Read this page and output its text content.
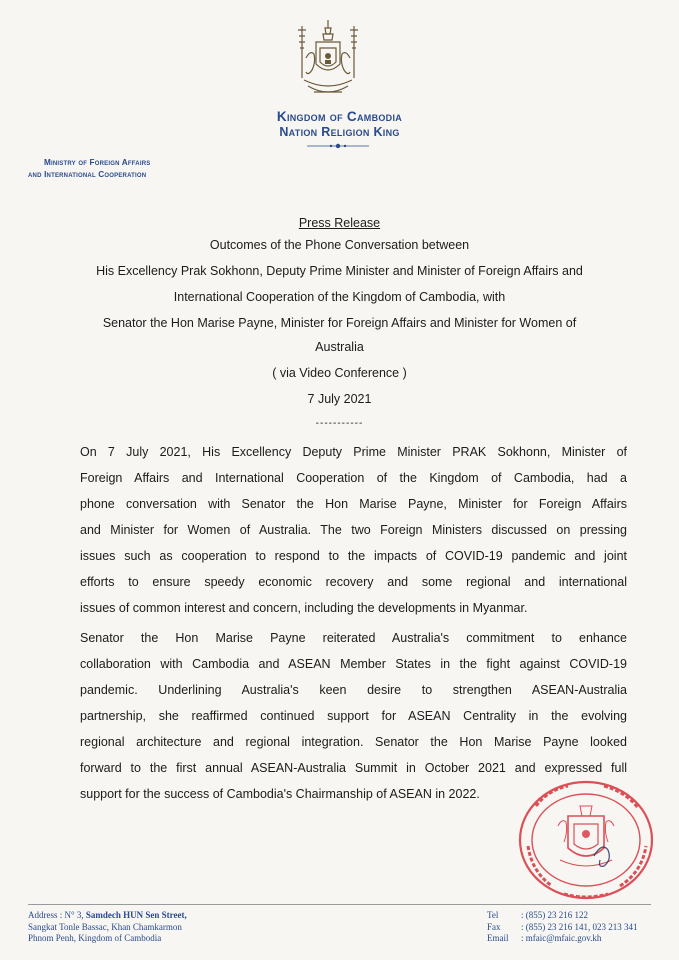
Kingdom of Cambodia
Nation Religion King
Ministry of Foreign Affairs
and International Cooperation
Press Release
Outcomes of the Phone Conversation between
His Excellency Prak Sokhonn, Deputy Prime Minister and Minister of Foreign Affairs and
International Cooperation of the Kingdom of Cambodia, with
Senator the Hon Marise Payne, Minister for Foreign Affairs and Minister for Women of
Australia
( via Video Conference )
7 July 2021
-----------
On 7 July 2021, His Excellency Deputy Prime Minister PRAK Sokhonn, Minister of
Foreign Affairs and International Cooperation of the Kingdom of Cambodia, had a
phone conversation with Senator the Hon Marise Payne, Minister for Foreign Affairs
and Minister for Women of Australia. The two Foreign Ministers discussed on pressing
issues such as cooperation to respond to the impacts of COVID-19 pandemic and joint
efforts to ensure speedy economic recovery and some regional and international
issues of common interest and concern, including the developments in Myanmar.
Senator the Hon Marise Payne reiterated Australia's commitment to enhance
collaboration with Cambodia and ASEAN Member States in the fight against COVID-19
pandemic. Underlining Australia's keen desire to strengthen ASEAN-Australia
partnership, she reaffirmed continued support for ASEAN Centrality in the evolving
regional architecture and regional integration. Senator the Hon Marise Payne looked
forward to the first annual ASEAN-Australia Summit in October 2021 and expressed full
support for the success of Cambodia's Chairmanship of ASEAN in 2022.
Address : N° 3, Samdech HUN Sen Street,
Sangkat Tonle Bassac, Khan Chamkarmon
Phnom Penh, Kingdom of Cambodia
Tel	: (855) 23 216 122
Fax : (855) 23 216 141, 023 213 341
Email : mfaic@mfaic.gov.kh
